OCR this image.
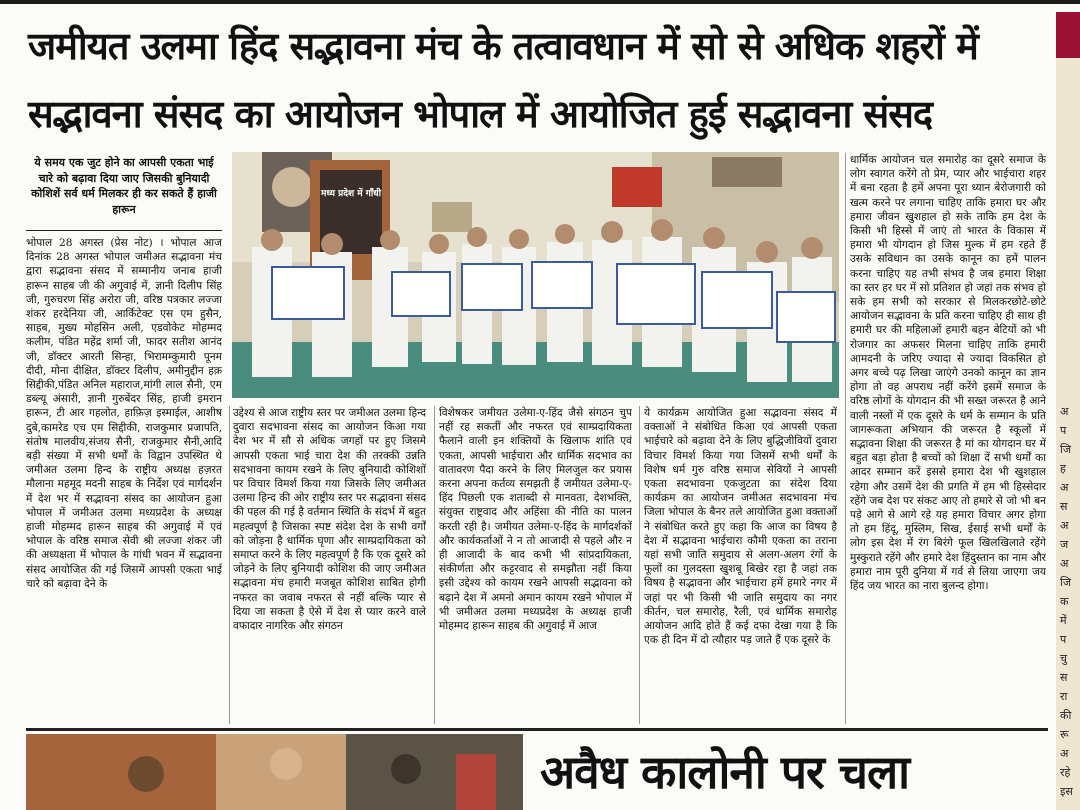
जमीयत उलमा हिंद सद्भावना मंच के तत्वावधान में सो से अधिक शहरों में
सद्भावना संसद का आयोजन भोपाल में आयोजित हुई सद्भावना संसद
ये समय एक जुट होने का आपसी एकता भाई चारे को बढ़ावा दिया जाए जिसकी बुनियादी कोशिशें सर्व धर्म मिलकर ही कर सकते हैं हाजी हारून

भोपाल 28 अगस्त (प्रेस नोट) । भोपाल आज दिनांक 28 अगस्त भोपाल जमीअत सद्भावना मंच द्वारा सद्भावना संसद में सम्मानीय जनाब हाजी हारून साहब जी की अगुवाई में, ज्ञानी दिलीप सिंह जी, गुरुचरण सिंह अरोरा जी, वरिष्ठ पत्रकार लज्जा शंकर हरदेनिया जी, आर्किटेक्ट एस एम हुसैन, साहब, मुख्य मोहसिन अली, एडवोकेट मोहम्मद कलीम, पंडित महेंद्र शर्मा जी, फादर सतीश आनंद जी, डॉक्टर आरती सिन्हा, भिरामम्कुमारी पूनम दीदी, मोना दीक्षित, डॉक्टर दिलीप, अमीनुद्दीन हक़ सिद्दीकी,पंडित अनिल महाराज,मांगी लाल सैनी, एम डब्ल्यू अंसारी, ज्ञानी गुरुबेंदर सिंह, हाजी इमरान हारून, टी आर गहलोत, हाफ़िज़ इस्माईल, आशीष दुबे,कामरेड एच एम सिद्दीकी, राजकुमार प्रजापति, संतोष मालवीय,संजय सैनी, राजकुमार सैनी,आदि बड़ी संख्या में सभी धर्मों के विद्वान उपस्थित थे जमीअत उलमा हिन्द के राष्ट्रीय अध्यक्ष हज़रत मौलाना महमूद मदनी साहब के निर्देश एवं मार्गदर्शन में देश भर में सद्भावना संसद का आयोजन हुआ भोपाल में जमीअत उलमा मध्यप्रदेश के अध्यक्ष हाजी मोहम्मद हारून साहब की अगुवाई में एवं भोपाल के वरिष्ठ समाज सेवी श्री लज्जा शंकर जी की अध्यक्षता में भोपाल के गांधी भवन में सद्भावना संसद आयोजित की गई जिसमें आपसी एकता भाई चारे को बढ़ावा देने के

मध्य प्रदेश में गाँधी

उद्देश्य से आज राष्ट्रीय स्तर पर जमीअत उलमा हिन्द दुवारा सदभावना संसद का आयोजन किआ गया देश भर में सौ से अधिक जगहों पर हुए जिसमे आपसी एकता भाई चारा देश की तरक्की उन्नति सदभावना कायम रखने के लिए बुनियादी कोशिशों पर विचार विमर्श किया गया जिसके लिए जमीअत उलमा हिन्द की ओर राष्ट्रीय स्तर पर सद्भावना संसद की पहल की गई है वर्तमान स्थिति के संदर्भ में बहुत महत्वपूर्ण है जिसका स्पष्ट संदेश देश के सभी वर्गों को जोड़ना है धार्मिक घृणा और साम्प्रदायिकता को समाप्त करने के लिए महत्वपूर्ण है कि एक दूसरे को जोड़ने के लिए बुनियादी कोशिश की जाए जमीअत सद्भावना मंच हमारी मजबूत कोशिश साबित होगी नफरत का जवाब नफरत से नहीं बल्कि प्यार से दिया जा सकता है ऐसे में देश से प्यार करने वाले वफादार नागरिक और संगठन

विशेषकर जमीयत उलेमा-ए-हिंद जैसे संगठन चुप नहीं रह सकतीं और नफरत एवं साम्प्रदायिकता फैलाने वाली इन शक्तियों के खिलाफ शांति एवं एकता, आपसी भाईचारा और धार्मिक सदभाव का वातावरण पैदा करने के लिए मिलजुल कर प्रयास करना अपना कर्तव्य समझती हैं जमीयत उलेमा-ए-हिंद पिछली एक शताब्दी से मानवता, देशभक्ति, संयुक्त राष्ट्रवाद और अहिंसा की नीति का पालन करती रही है। जमीयत उलेमा-ए-हिंद के मार्गदर्शकों और कार्यकर्ताओं ने न तो आजादी से पहले और न ही आजादी के बाद कभी भी सांप्रदायिकता, संकीर्णता और कट्टरवाद से समझौता नहीं किया इसी उद्देश्य को कायम रखने आपसी सद्भावना को बढ़ाने देश में अमनो अमान कायम रखने भोपाल में भी जमीअत उलमा मध्यप्रदेश के अध्यक्ष हाजी मोहम्मद हारून साहब की अगुवाई में आज

ये कार्यक्रम आयोजित हुआ सद्भावना संसद में वक्ताओं ने संबोधित किआ एवं आपसी एकता भाईचारे को बढ़ावा देने के लिए बुद्धिजीवियों दुवारा विचार विमर्श किया गया जिसमें सभी धर्मों के विशेष धर्म गुरु वरिष्ठ समाज सेवियों ने आपसी एकता सदभावना एकजुटता का संदेश दिया कार्यक्रम का आयोजन जमीअत सदभावना मंच जिला भोपाल के बैनर तले आयोजित हुआ वक्ताओं ने संबोधित करते हुए कहा कि आज का विषय है देश में सद्भावना भाईचारा कौमी एकता का तराना यहां सभी जाति समुदाय से अलग-अलग रंगों के फूलों का गुलदस्ता खुशबू बिखेर रहा है जहां तक विषय है सद्भावना और भाईचारा हमें हमारे नगर में जहां पर भी किसी भी जाति समुदाय का नगर कीर्तन, चल समारोह, रैली, एवं धार्मिक समारोह आयोजन आदि होते हैं कई दफा देखा गया है कि एक ही दिन में दो त्यौहार पड़ जाते हैं एक दूसरे के

धार्मिक आयोजन चल समारोह का दूसरे समाज के लोग स्वागत करेंगे तो प्रेम, प्यार और भाईचारा शहर में बना रहता है हमें अपना पूरा ध्यान बेरोजगारी को खत्म करने पर लगाना चाहिए ताकि हमारा घर और हमारा जीवन खुशहाल हो सके ताकि हम देश के किसी भी हिस्से में जाएं तो भारत के विकास में हमारा भी योगदान हो जिस मुल्क में हम रहते हैं उसके सविधान का उसके कानून का हमें पालन करना चाहिए यह तभी संभव है जब हमारा शिक्षा का स्तर हर घर में सो प्रतिशत हो जहां तक संभव हो सके हम सभी को सरकार से मिलकरछोटे-छोटे आयोजन सद्भावना के प्रति करना चाहिए ही साथ ही हमारी घर की महिलाओं हमारी बहन बेटियों को भी रोजगार का अफसर मिलना चाहिए ताकि हमारी आमदनी के जरिए ज्यादा से ज्यादा विकसित हो अगर बच्चे पढ़ लिखा जाएंगे उनको कानून का ज्ञान होगा तो वह अपराध नहीं करेंगे इसमें समाज के वरिष्ठ लोगों के योगदान की भी सख्त जरूरत है आने वाली नस्लों में एक दूसरे के धर्म के सम्मान के प्रति जागरूकता अभियान की जरूरत है स्कूलों में सद्भावना शिक्षा की जरूरत है मां का योगदान घर में बहुत बड़ा होता है बच्चों को शिक्षा दें सभी धर्मों का आदर सम्मान करें इससे हमारा देश भी खुशहाल रहेगा और उसमें देश की प्रगति में हम भी हिस्सेदार रहेंगे जब देश पर संकट आए तो हमारे से जो भी बन पड़े आगे से आगे रहे यह हमारा विचार अगर होगा तो हम हिंदू, मुस्लिम, सिख, ईसाई सभी धर्मों के लोग इस देश में रंग बिरंगे फूल खिलखिलाते रहेंगे मुस्कुराते रहेंगे और हमारे देश हिंदुस्तान का नाम और हमारा नाम पूरी दुनिया में गर्व से लिया जाएगा जय हिंद जय भारत का नारा बुलन्द होगा।

अवैध कालोनी पर चला
अ
प
जि
ह
अ
स
अ
ज
अ
जि
क
में
प
चु
स
रा
की
रू
अ
रहे
इस
